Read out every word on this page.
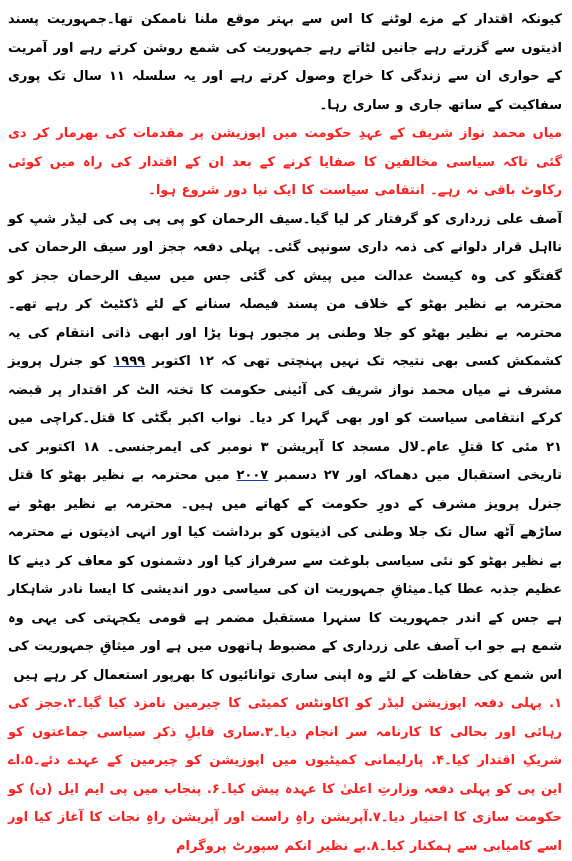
کیونکہ اقتدار کے مزے لوٹنے کا اس سے بہتر موقع ملنا ناممکن تھا۔جمہوریت پسند اذیتوں سے گزرتے رہے جانیں لٹاتے رہے جمہوریت کی شمع روشن کرتے رہے اور آمریت کے حواری ان سے زندگی کا خراج وصول کرتے رہے اور یہ سلسلہ ۱۱ سال تک پوری سفاکیت کے ساتھ جاری و ساری رہا۔

میاں محمد نواز شریف کے عہدِ حکومت میں اپوزیشن پر مقدمات کی بھرمار کر دی گئی تاکہ سیاسی مخالفین کا صفایا کرنے کے بعد ان کے اقتدار کی راہ میں کوئی رکاوٹ باقی نہ رہے۔ انتقامی سیاست کا ایک نیا دور شروع ہوا۔

آصف علی زرداری کو گرفتار کر لیا گیا۔سیف الرحمان کو پی پی پی کی لیڈر شپ کو نااہل قرار دلوانے کی ذمہ داری سونپی گئی۔ پہلی دفعہ ججز اور سیف الرحمان کی گفتگو کی وہ کیسٹ عدالت میں پیش کی گئی جس میں سیف الرحمان ججز کو محترمہ بے نظیر بھٹو کے خلاف من پسند فیصلہ سنانے کے لئے ڈکٹیٹ کر رہے تھے۔ محترمہ بے نظیر بھٹو کو جلا وطنی پر مجبور ہونا پڑا اور ابھی ذاتی انتقام کی یہ کشمکش کسی بھی نتیجہ تک نہیں پہنچتی تھی کہ ۱۲ اکتوبر ۱۹۹۹ کو جنرل پرویز مشرف نے میاں محمد نواز شریف کی آئینی حکومت کا تختہ الٹ کر اقتدار پر قبضہ کرکے انتقامی سیاست کو اور بھی گہرا کر دیا۔ نواب اکبر بگٹی کا قتل۔کراچی میں ۲۱ مئی کا قتلِ عام۔لال مسجد کا آپریشن ۳ نومبر کی ایمرجنسی۔ ۱۸ اکتوبر کی تاریخی استقبال میں دھماکہ اور ۲۷ دسمبر ۲۰۰۷ میں محترمہ بے نظیر بھٹو کا قتل جنرل پرویز مشرف کے دورِ حکومت کے کھاتے میں ہیں۔ محترمہ بے نظیر بھٹو نے ساڑھے آٹھ سال تک جلا وطنی کی اذیتوں کو برداشت کیا اور انہی اذیتوں نے محترمہ بے نظیر بھٹو کو نئی سیاسی بلوغت سے سرفراز کیا اور دشمنوں کو معاف کر دینے کا عظیم جذبہ عطا کیا۔میثاقِ جمہوریت ان کی سیاسی دور اندیشی کا ایسا نادر شاہکار ہے جس کے اندر جمہوریت کا سنہرا مستقبل مضمر ہے قومی یکجہتی کی یہی وہ شمع ہے جو اب آصف علی زرداری کے مضبوط ہاتھوں میں ہے اور میثاقِ جمہوریت کی اس شمع کی حفاظت کے لئے وہ اپنی ساری توانائیوں کا بھرپور استعمال کر رہے ہیں

۱. پہلی دفعہ اپوزیشن لیڈر کو اکاونٹس کمیٹی کا چیرمین نامزد کیا گیا۔۲.ججز کی رہائی اور بحالی کا کارنامہ سر انجام دیا۔۳.ساری قابلِ ذکر سیاسی جماعتوں کو شریکِ اقتدار کیا۔۴. پارلیمانی کمیٹیوں میں اپوزیشن کو چیرمین کے عہدے دئے۔۵.اے این پی کو پہلی دفعہ وزارتِ اعلیٰ کا عہدہ پیش کیا۔۶. پنجاب میں پی ایم ایل (ن) کو حکومت سازی کا احتیار دیا۔۷.آپریشن راہِ راست اور آپریشن راہِ نجات کا آغاز کیا اور اسے کامیابی سے ہمکنار کیا۔۸.بے نظیر انکم سپورٹ پروگرام
